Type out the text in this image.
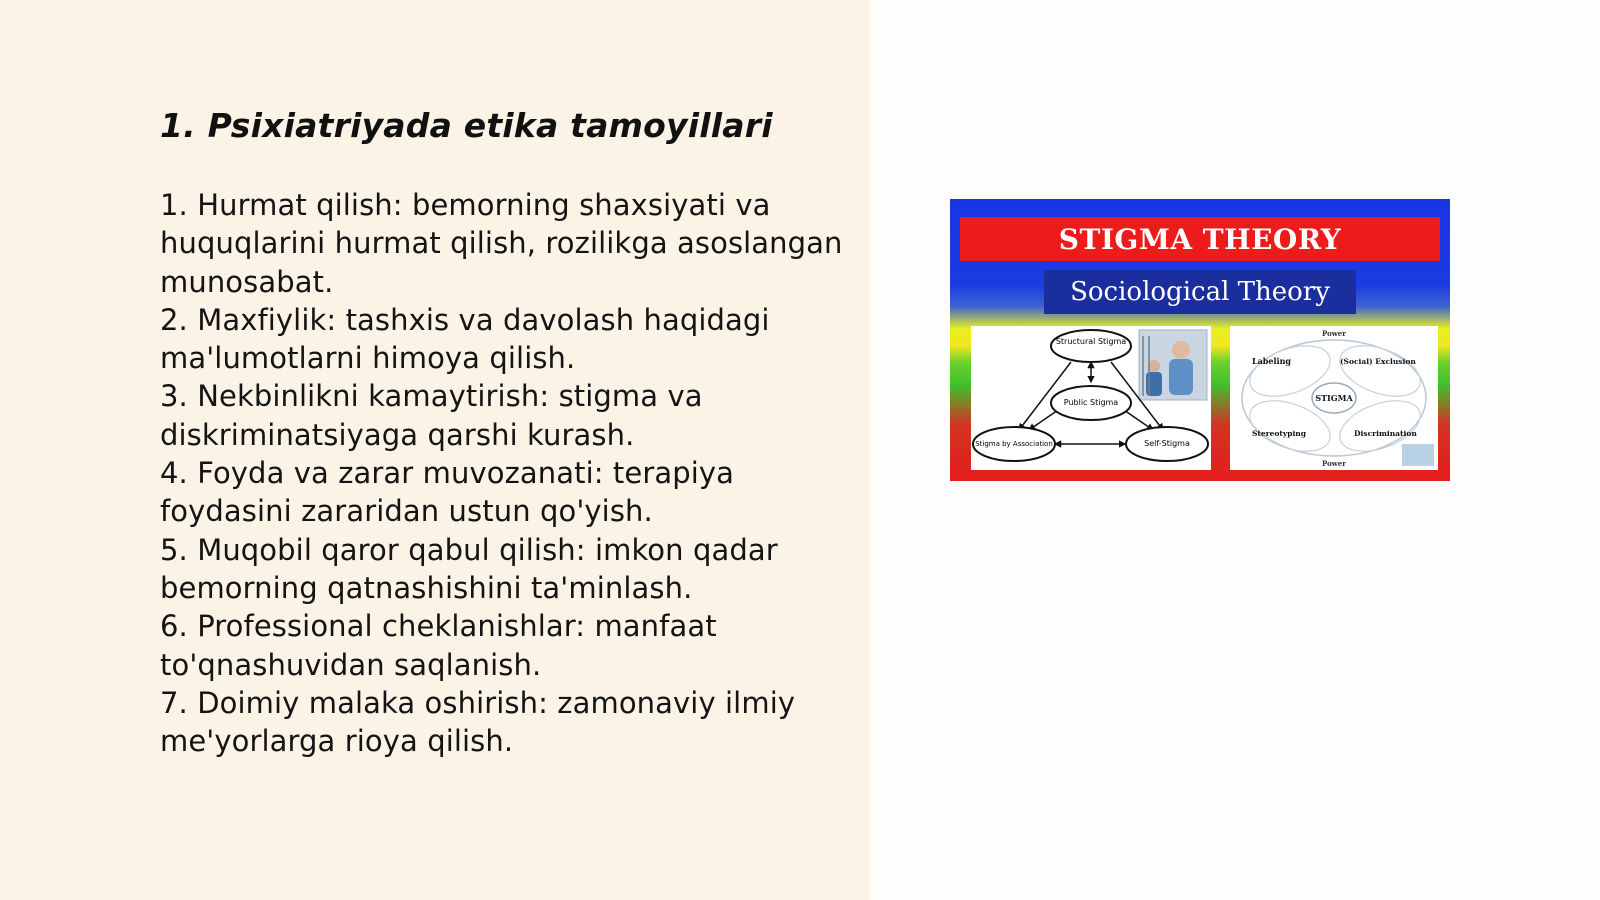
1. Psixiatriyada etika tamoyillari
1. Hurmat qilish: bemorning shaxsiyati va huquqlarini hurmat qilish, rozilikga asoslangan munosabat.
2. Maxfiylik: tashxis va davolash haqidagi ma'lumotlarni himoya qilish.
3. Nekbinlikni kamaytirish: stigma va diskriminatsiyaga qarshi kurash.
4. Foyda va zarar muvozanati: terapiya foydasini zararidan ustun qo'yish.
5. Muqobil qaror qabul qilish: imkon qadar bemorning qatnashishini ta'minlash.
6. Professional cheklanishlar: manfaat to'qnashuvidan saqlanish.
7. Doimiy malaka oshirish: zamonaviy ilmiy me'yorlarga rioya qilish.
STIGMA THEORY
Sociological Theory
Structural Stigma
Public Stigma
Stigma by Association	Self-Stigma
Power
Power
STIGMA
Labeling	(Social) Exclusion
Stereotyping	Discrimination
